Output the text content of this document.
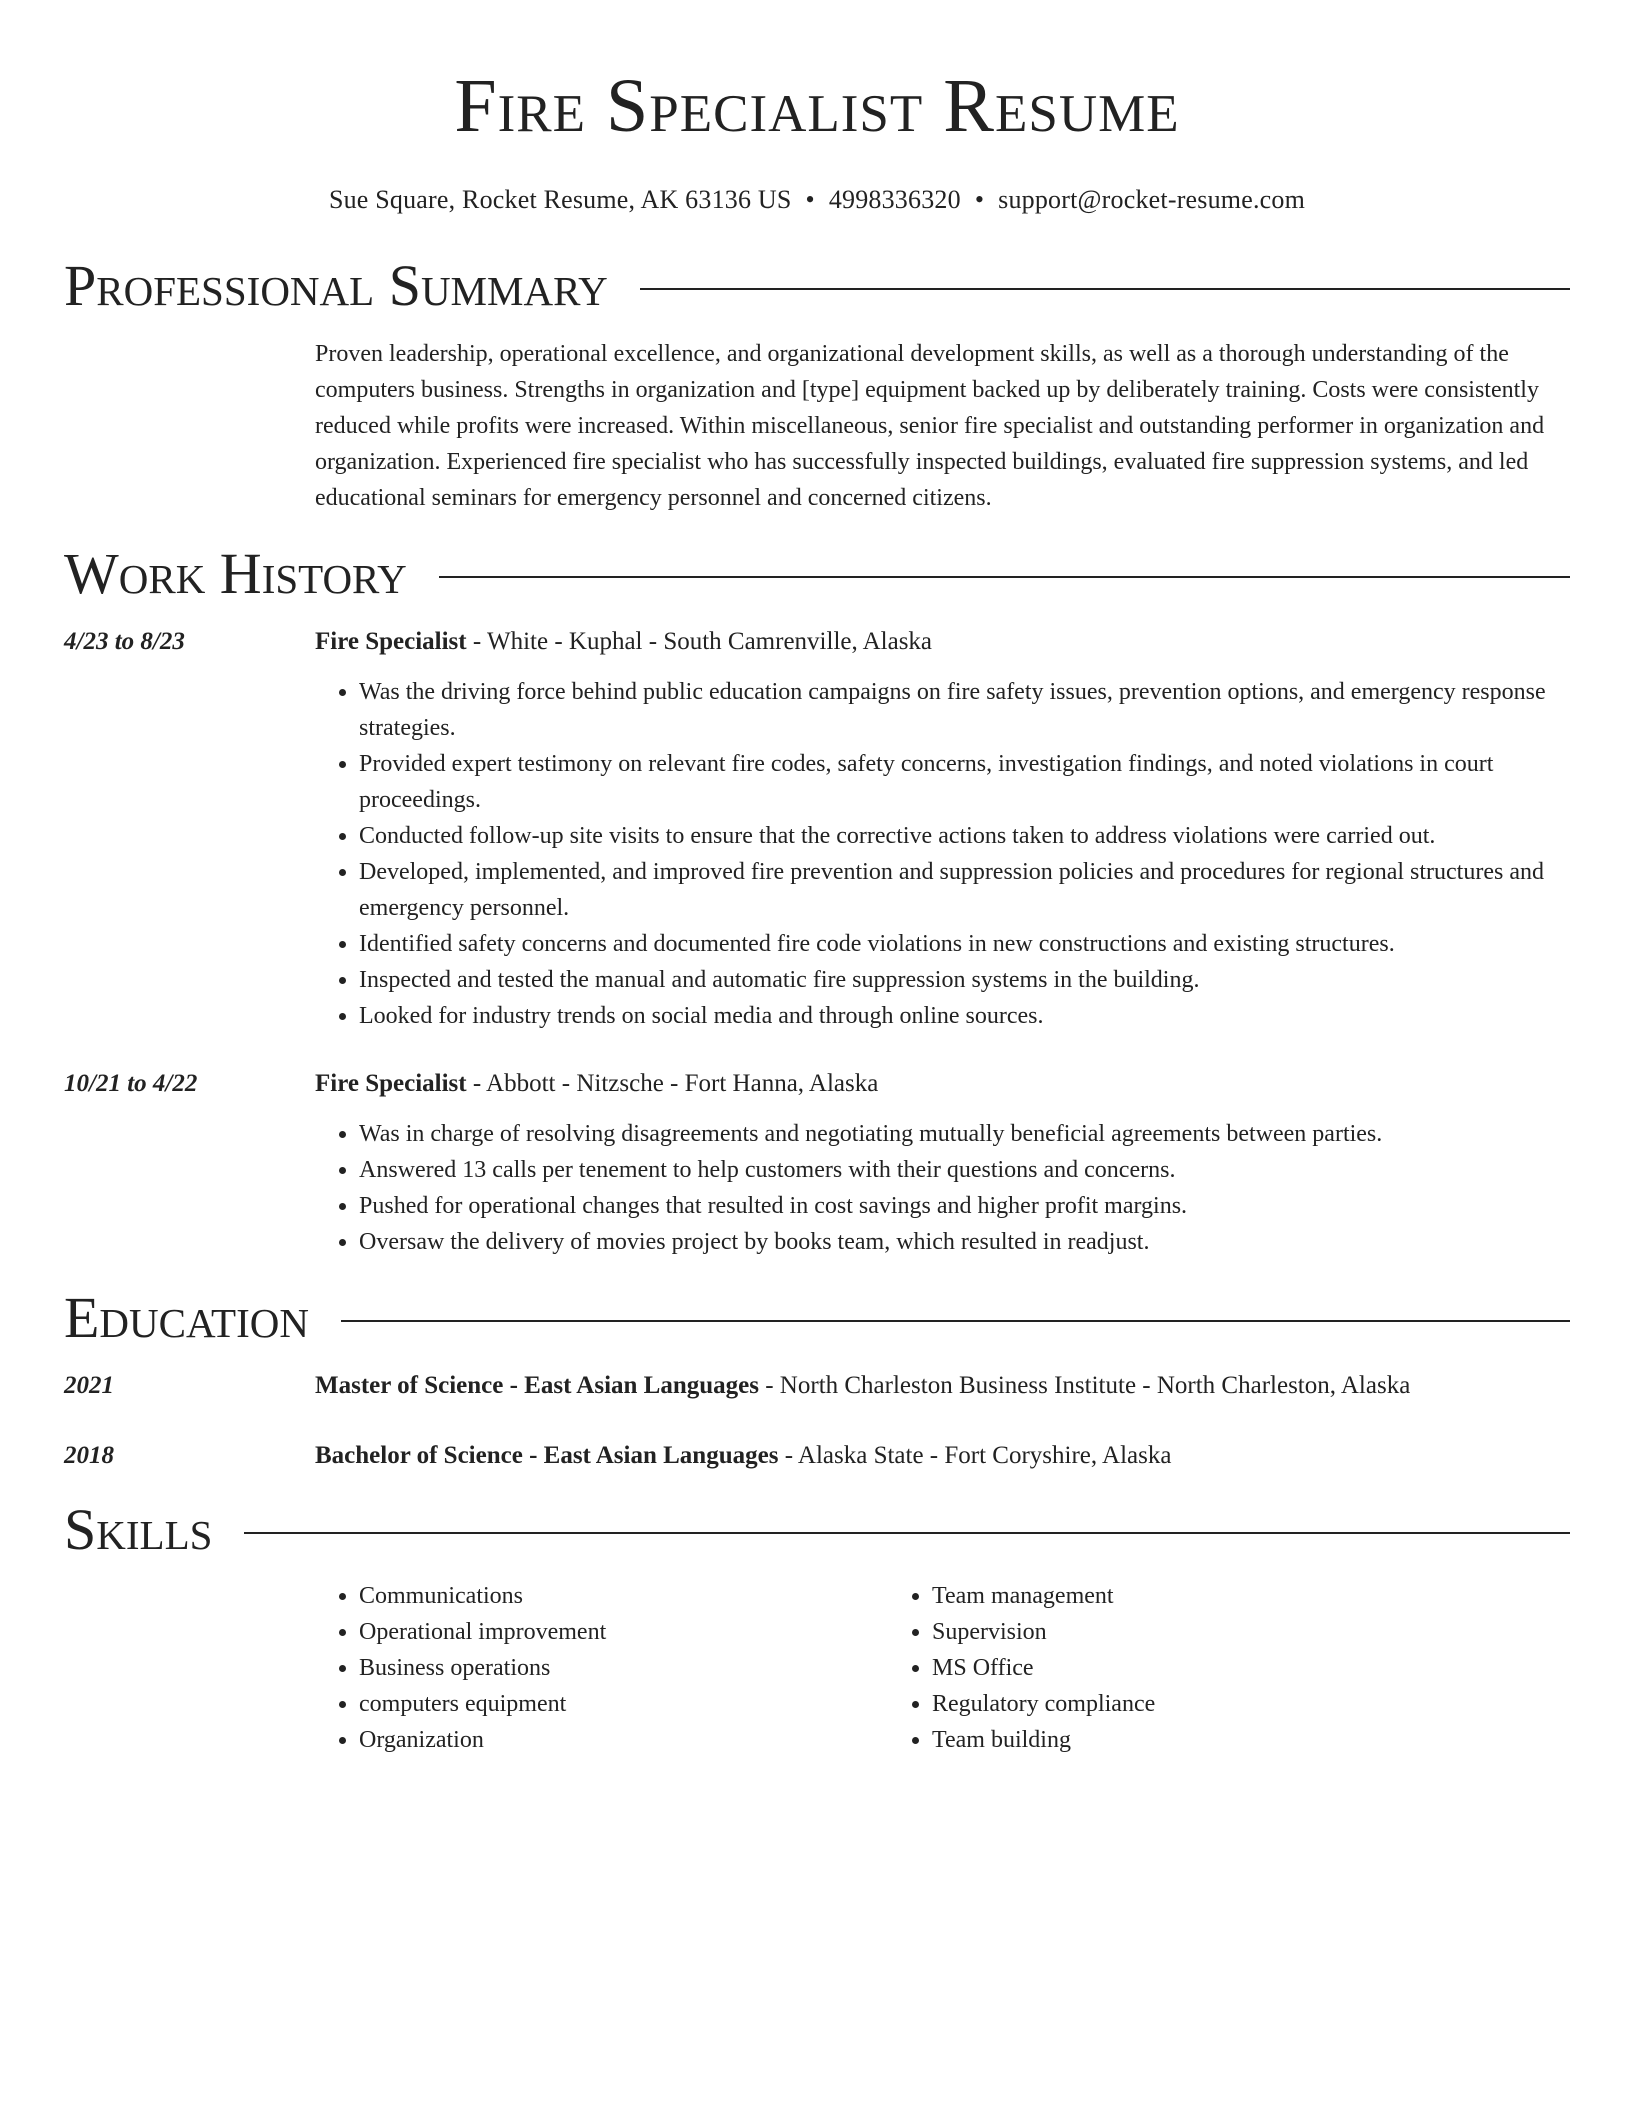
Fire Specialist Resume
Sue Square, Rocket Resume, AK 63136 US • 4998336320 • support@rocket-resume.com
Professional Summary
Proven leadership, operational excellence, and organizational development skills, as well as a thorough understanding of the computers business. Strengths in organization and [type] equipment backed up by deliberately training. Costs were consistently reduced while profits were increased. Within miscellaneous, senior fire specialist and outstanding performer in organization and organization. Experienced fire specialist who has successfully inspected buildings, evaluated fire suppression systems, and led educational seminars for emergency personnel and concerned citizens.
Work History
4/23 to 8/23	Fire Specialist - White - Kuphal - South Camrenville, Alaska
• Was the driving force behind public education campaigns on fire safety issues, prevention options, and emergency response strategies.
• Provided expert testimony on relevant fire codes, safety concerns, investigation findings, and noted violations in court proceedings.
• Conducted follow-up site visits to ensure that the corrective actions taken to address violations were carried out.
• Developed, implemented, and improved fire prevention and suppression policies and procedures for regional structures and emergency personnel.
• Identified safety concerns and documented fire code violations in new constructions and existing structures.
• Inspected and tested the manual and automatic fire suppression systems in the building.
• Looked for industry trends on social media and through online sources.
10/21 to 4/22	Fire Specialist - Abbott - Nitzsche - Fort Hanna, Alaska
• Was in charge of resolving disagreements and negotiating mutually beneficial agreements between parties.
• Answered 13 calls per tenement to help customers with their questions and concerns.
• Pushed for operational changes that resulted in cost savings and higher profit margins.
• Oversaw the delivery of movies project by books team, which resulted in readjust.
Education
2021	Master of Science - East Asian Languages - North Charleston Business Institute - North Charleston, Alaska
2018	Bachelor of Science - East Asian Languages - Alaska State - Fort Coryshire, Alaska
Skills
• Communications
• Operational improvement
• Business operations
• computers equipment
• Organization
• Team management
• Supervision
• MS Office
• Regulatory compliance
• Team building
